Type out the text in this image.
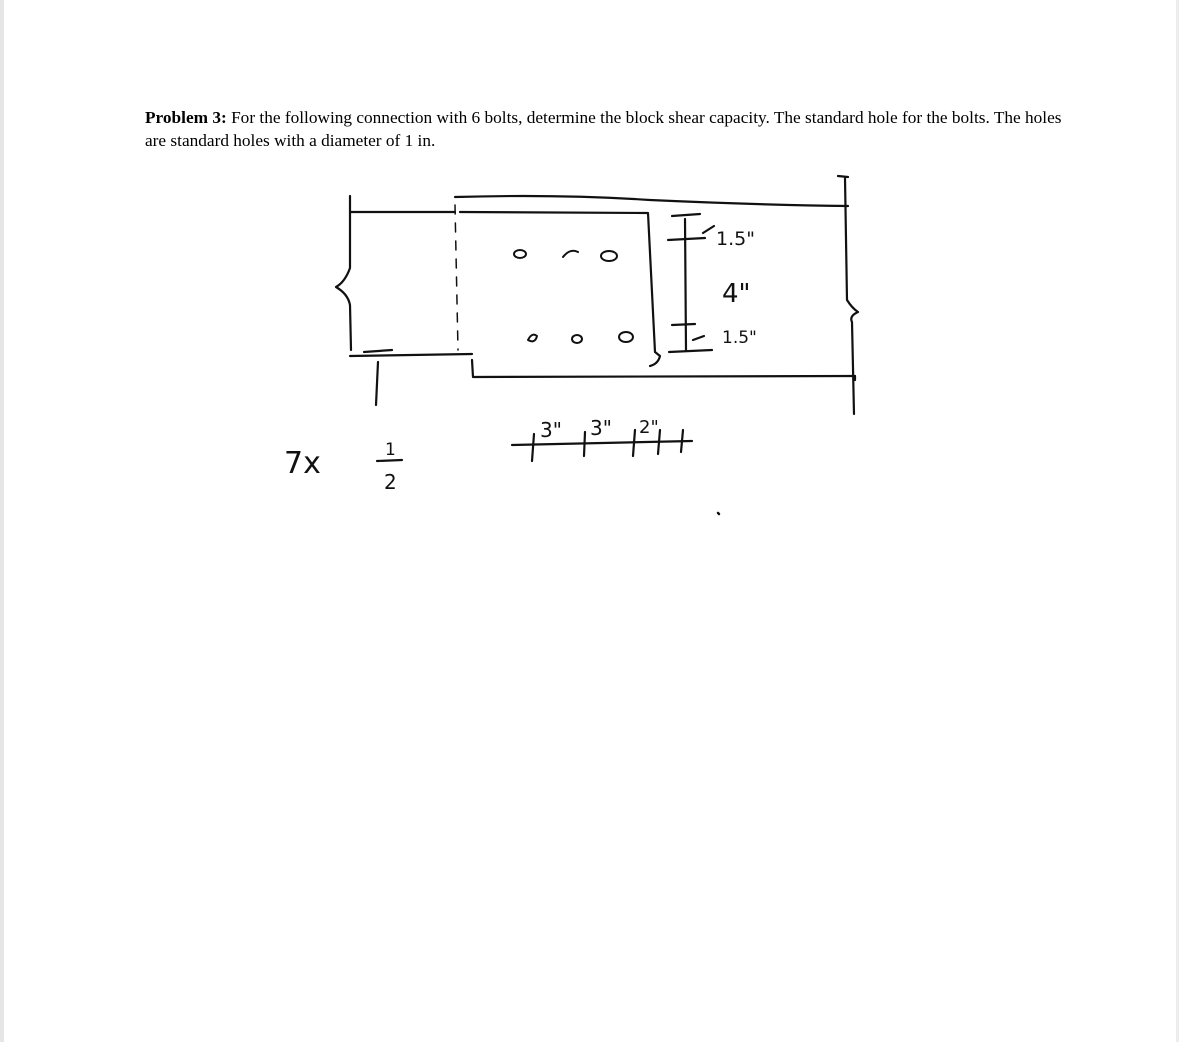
Problem 3: For the following connection with 6 bolts, determine the block shear capacity. The standard hole for the bolts. The holes are standard holes with a diameter of 1 in.
7x	1
2
1.5"
4"
1.5"
3" 3" 2"
